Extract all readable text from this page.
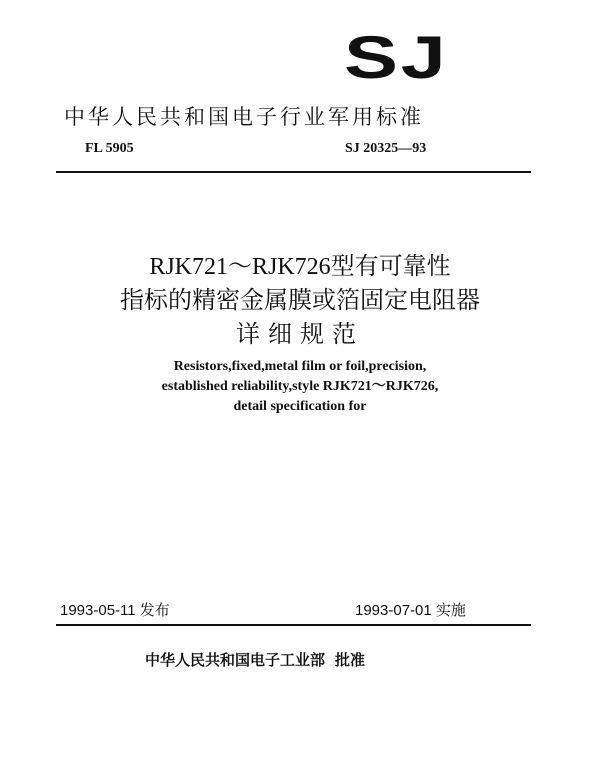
SJ
中华人民共和国电子行业军用标准
FL 5905	SJ 20325—93
RJK721～RJK726型有可靠性
指标的精密金属膜或箔固定电阻器
详细规范
Resistors,fixed,metal film or foil,precision,
established reliability,style RJK721～RJK726,
detail specification for
1993-05-11 发布	1993-07-01 实施
中华人民共和国电子工业部 批准
